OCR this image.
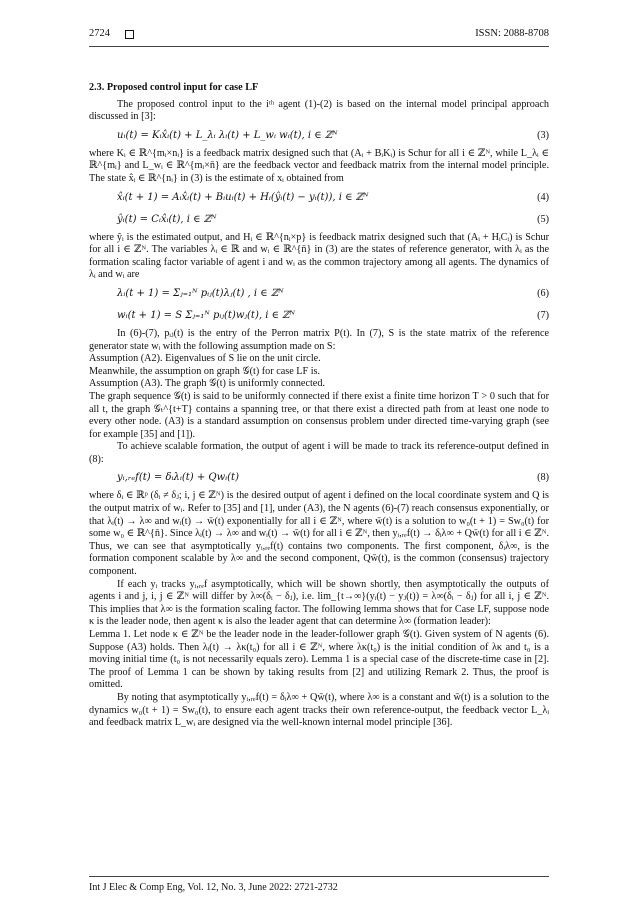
2724	ISSN: 2088-8708
2.3. Proposed control input for case LF

The proposed control input to the iᵗʰ agent (1)-(2) is based on the internal model principal approach discussed in [3]:

uᵢ(t) = Kᵢx̂ᵢ(t) + L_λᵢ λᵢ(t) + L_wᵢ wᵢ(t), i ∈ ℤᴺ	(3)

where Kᵢ ∈ ℝ^{mᵢ×nᵢ} is a feedback matrix designed such that (Aᵢ + BᵢKᵢ) is Schur for all i ∈ ℤᴺ, while L_λᵢ ∈ ℝ^{mᵢ} and L_wᵢ ∈ ℝ^{mᵢ×n̄} are the feedback vector and feedback matrix from the internal model principle. The state x̂ᵢ ∈ ℝ^{nᵢ} in (3) is the estimate of xᵢ obtained from

x̂ᵢ(t + 1) = Aᵢx̂ᵢ(t) + Bᵢuᵢ(t) + Hᵢ(ŷᵢ(t) − yᵢ(t)), i ∈ ℤᴺ	(4)
ŷᵢ(t) = Cᵢx̂ᵢ(t), i ∈ ℤᴺ	(5)

where ŷᵢ is the estimated output, and Hᵢ ∈ ℝ^{nᵢ×p} is feedback matrix designed such that (Aᵢ + HᵢCᵢ) is Schur for all i ∈ ℤᴺ. The variables λᵢ ∈ ℝ and wᵢ ∈ ℝ^{n̄} in (3) are the states of reference generator, with λᵢ as the formation scaling factor variable of agent i and wᵢ as the common trajectory among all agents. The dynamics of λᵢ and wᵢ are

λᵢ(t + 1) = Σⱼ₌₁ᴺ pᵢⱼ(t)λⱼ(t) , i ∈ ℤᴺ	(6)
wᵢ(t + 1) = S Σⱼ₌₁ᴺ pᵢⱼ(t)wⱼ(t), i ∈ ℤᴺ	(7)

In (6)-(7), pᵢⱼ(t) is the entry of the Perron matrix P(t). In (7), S is the state matrix of the reference generator state wᵢ with the following assumption made on S:

Assumption (A2). Eigenvalues of S lie on the unit circle.

Meanwhile, the assumption on graph 𝒢(t) for case LF is.

Assumption (A3). The graph 𝒢(t) is uniformly connected.

The graph sequence 𝒢(t) is said to be uniformly connected if there exist a finite time horizon T > 0 such that for all t, the graph 𝒢ₜ^{t+T} contains a spanning tree, or that there exist a directed path from at least one node to every other node. (A3) is a standard assumption on consensus problem under directed time-varying graph (see for example [35] and [1]).

To achieve scalable formation, the output of agent i will be made to track its reference-output defined in (8):

yᵢ,ᵣₑf(t) = δᵢλᵢ(t) + Qwᵢ(t)	(8)

where δᵢ ∈ ℝᵖ (δᵢ ≠ δⱼ; i, j ∈ ℤᴺ) is the desired output of agent i defined on the local coordinate system and Q is the output matrix of wᵢ. Refer to [35] and [1], under (A3), the N agents (6)-(7) reach consensus exponentially, or that λᵢ(t) → λ∞ and wᵢ(t) → w̄(t) exponentially for all i ∈ ℤᴺ, where w̄(t) is a solution to w₀(t + 1) = Sw₀(t) for some w₀ ∈ ℝ^{n̄}. Since λᵢ(t) → λ∞ and wᵢ(t) → w̄(t) for all i ∈ ℤᴺ, then yᵢ,ᵣₑf(t) → δᵢλ∞ + Qw̄(t) for all i ∈ ℤᴺ. Thus, we can see that asymptotically yᵢ,ᵣₑf(t) contains two components. The first component, δᵢλ∞, is the formation component scalable by λ∞ and the second component, Qw̄(t), is the common (consensus) trajectory component.

If each yᵢ tracks yᵢ,ᵣₑf asymptotically, which will be shown shortly, then asymptotically the outputs of agents i and j, i, j ∈ ℤᴺ will differ by λ∞(δᵢ − δⱼ), i.e. lim_{t→∞}(yᵢ(t) − yⱼ(t)) = λ∞(δᵢ − δⱼ) for all i, j ∈ ℤᴺ. This implies that λ∞ is the formation scaling factor. The following lemma shows that for Case LF, suppose node κ is the leader node, then agent κ is also the leader agent that can determine λ∞ (formation leader):

Lemma 1. Let node κ ∈ ℤᴺ be the leader node in the leader-follower graph 𝒢(t). Given system of N agents (6). Suppose (A3) holds. Then λᵢ(t) → λκ(t₀) for all i ∈ ℤᴺ, where λκ(t₀) is the initial condition of λκ and t₀ is a moving initial time (t₀ is not necessarily equals zero). Lemma 1 is a special case of the discrete-time case in [2]. The proof of Lemma 1 can be shown by taking results from [2] and utilizing Remark 2. Thus, the proof is omitted.

By noting that asymptotically yᵢ,ᵣₑf(t) = δᵢλ∞ + Qw̄(t), where λ∞ is a constant and w̄(t) is a solution to the dynamics w₀(t + 1) = Sw₀(t), to ensure each agent tracks their own reference-output, the feedback vector L_λᵢ and feedback matrix L_wᵢ are designed via the well-known internal model principle [36].

Int J Elec & Comp Eng, Vol. 12, No. 3, June 2022: 2721-2732
